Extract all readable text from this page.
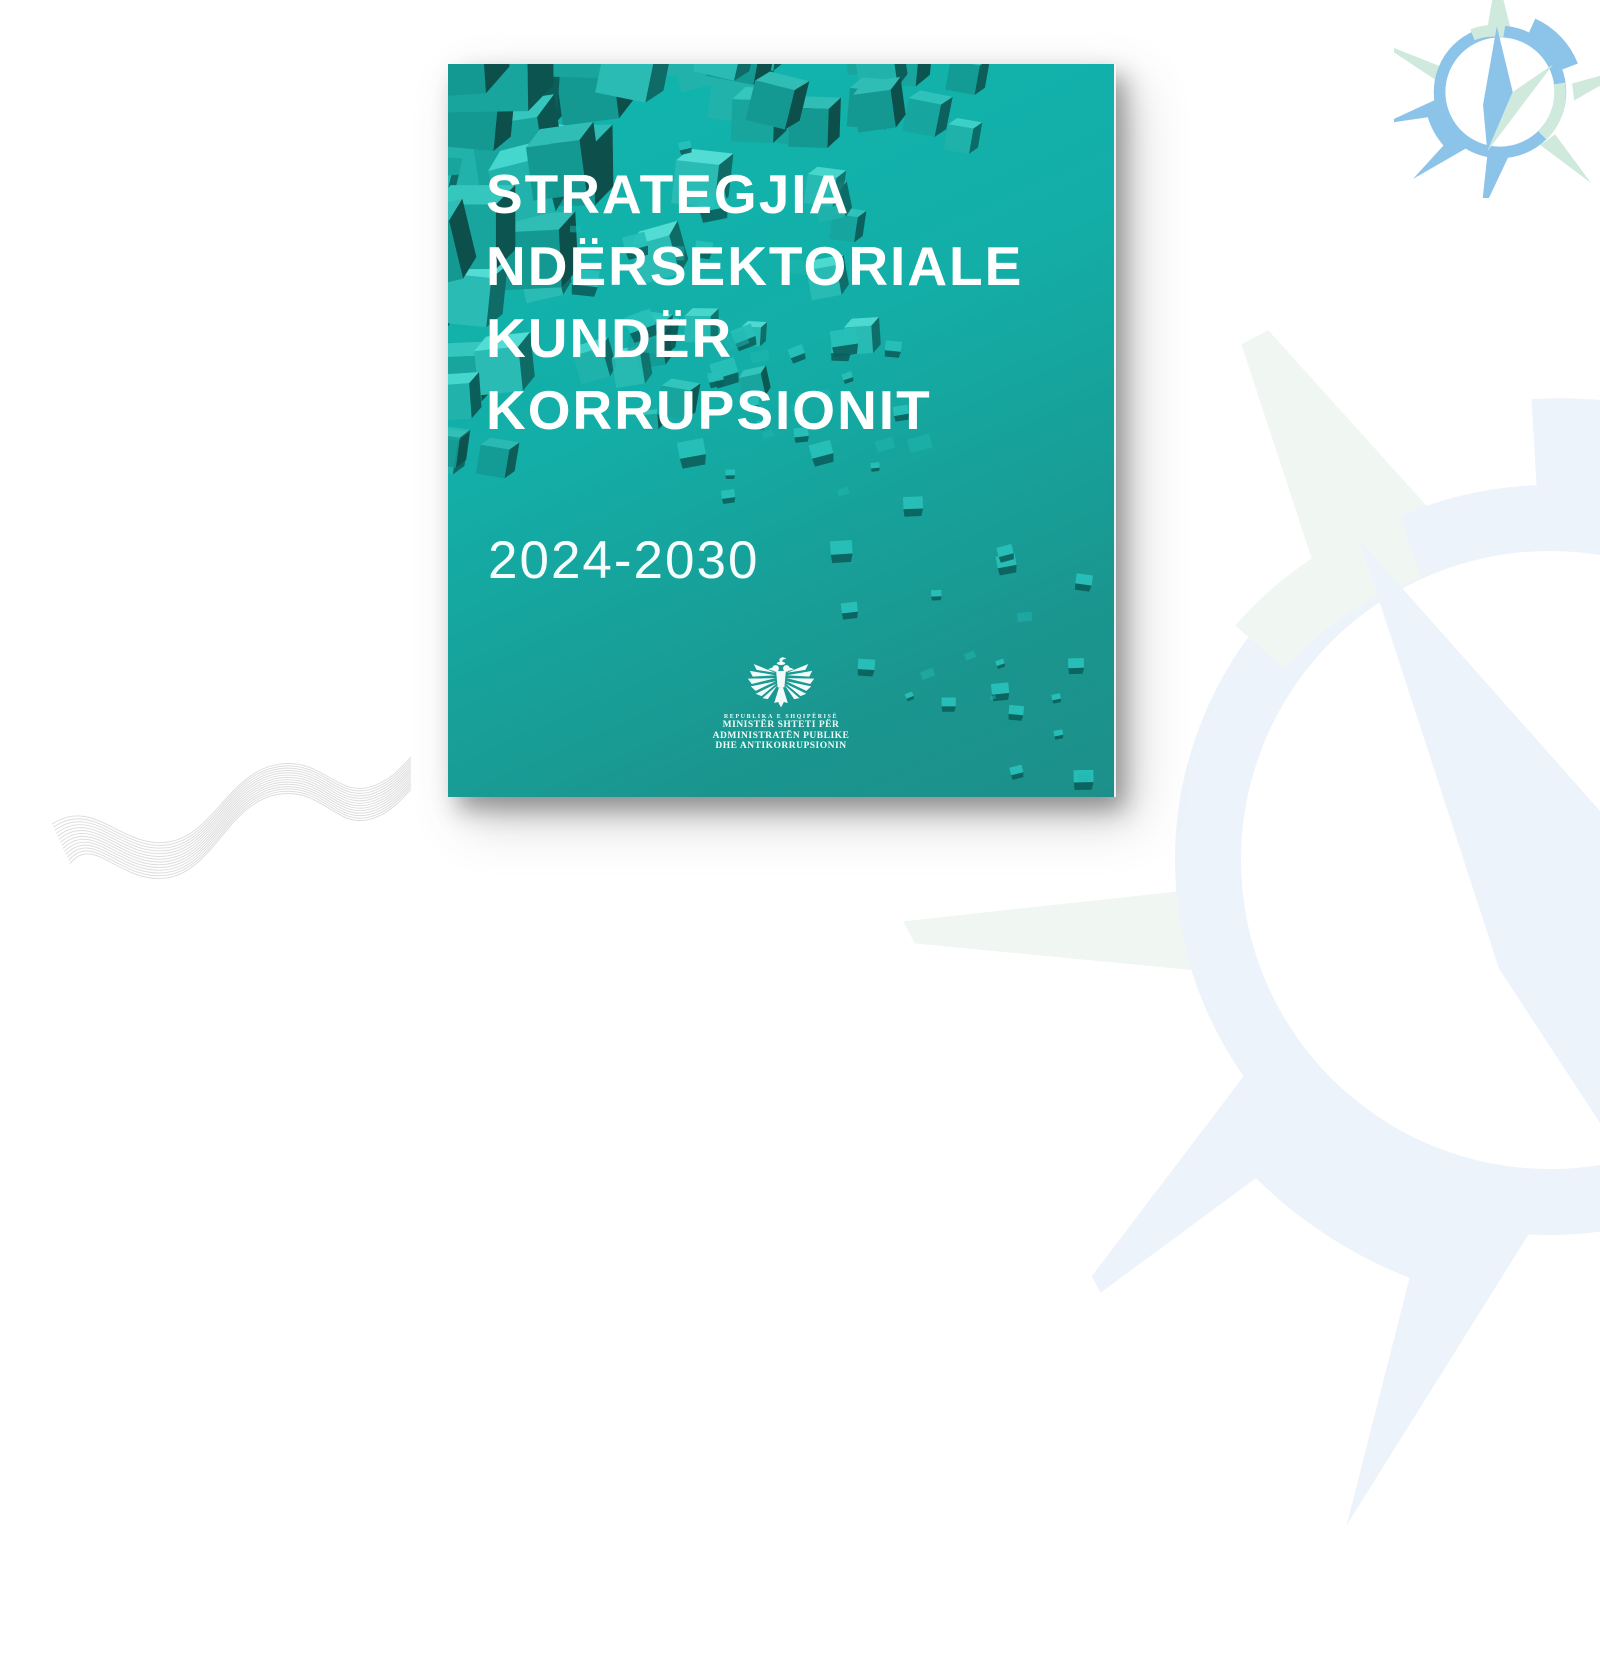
STRATEGJIA
NDËRSEKTORIALE
KUNDËR
KORRUPSIONIT
2024-2030
REPUBLIKA E SHQIPËRISË
MINISTËR SHTETI PËR
ADMINISTRATËN PUBLIKE
DHE ANTIKORRUPSIONIN
